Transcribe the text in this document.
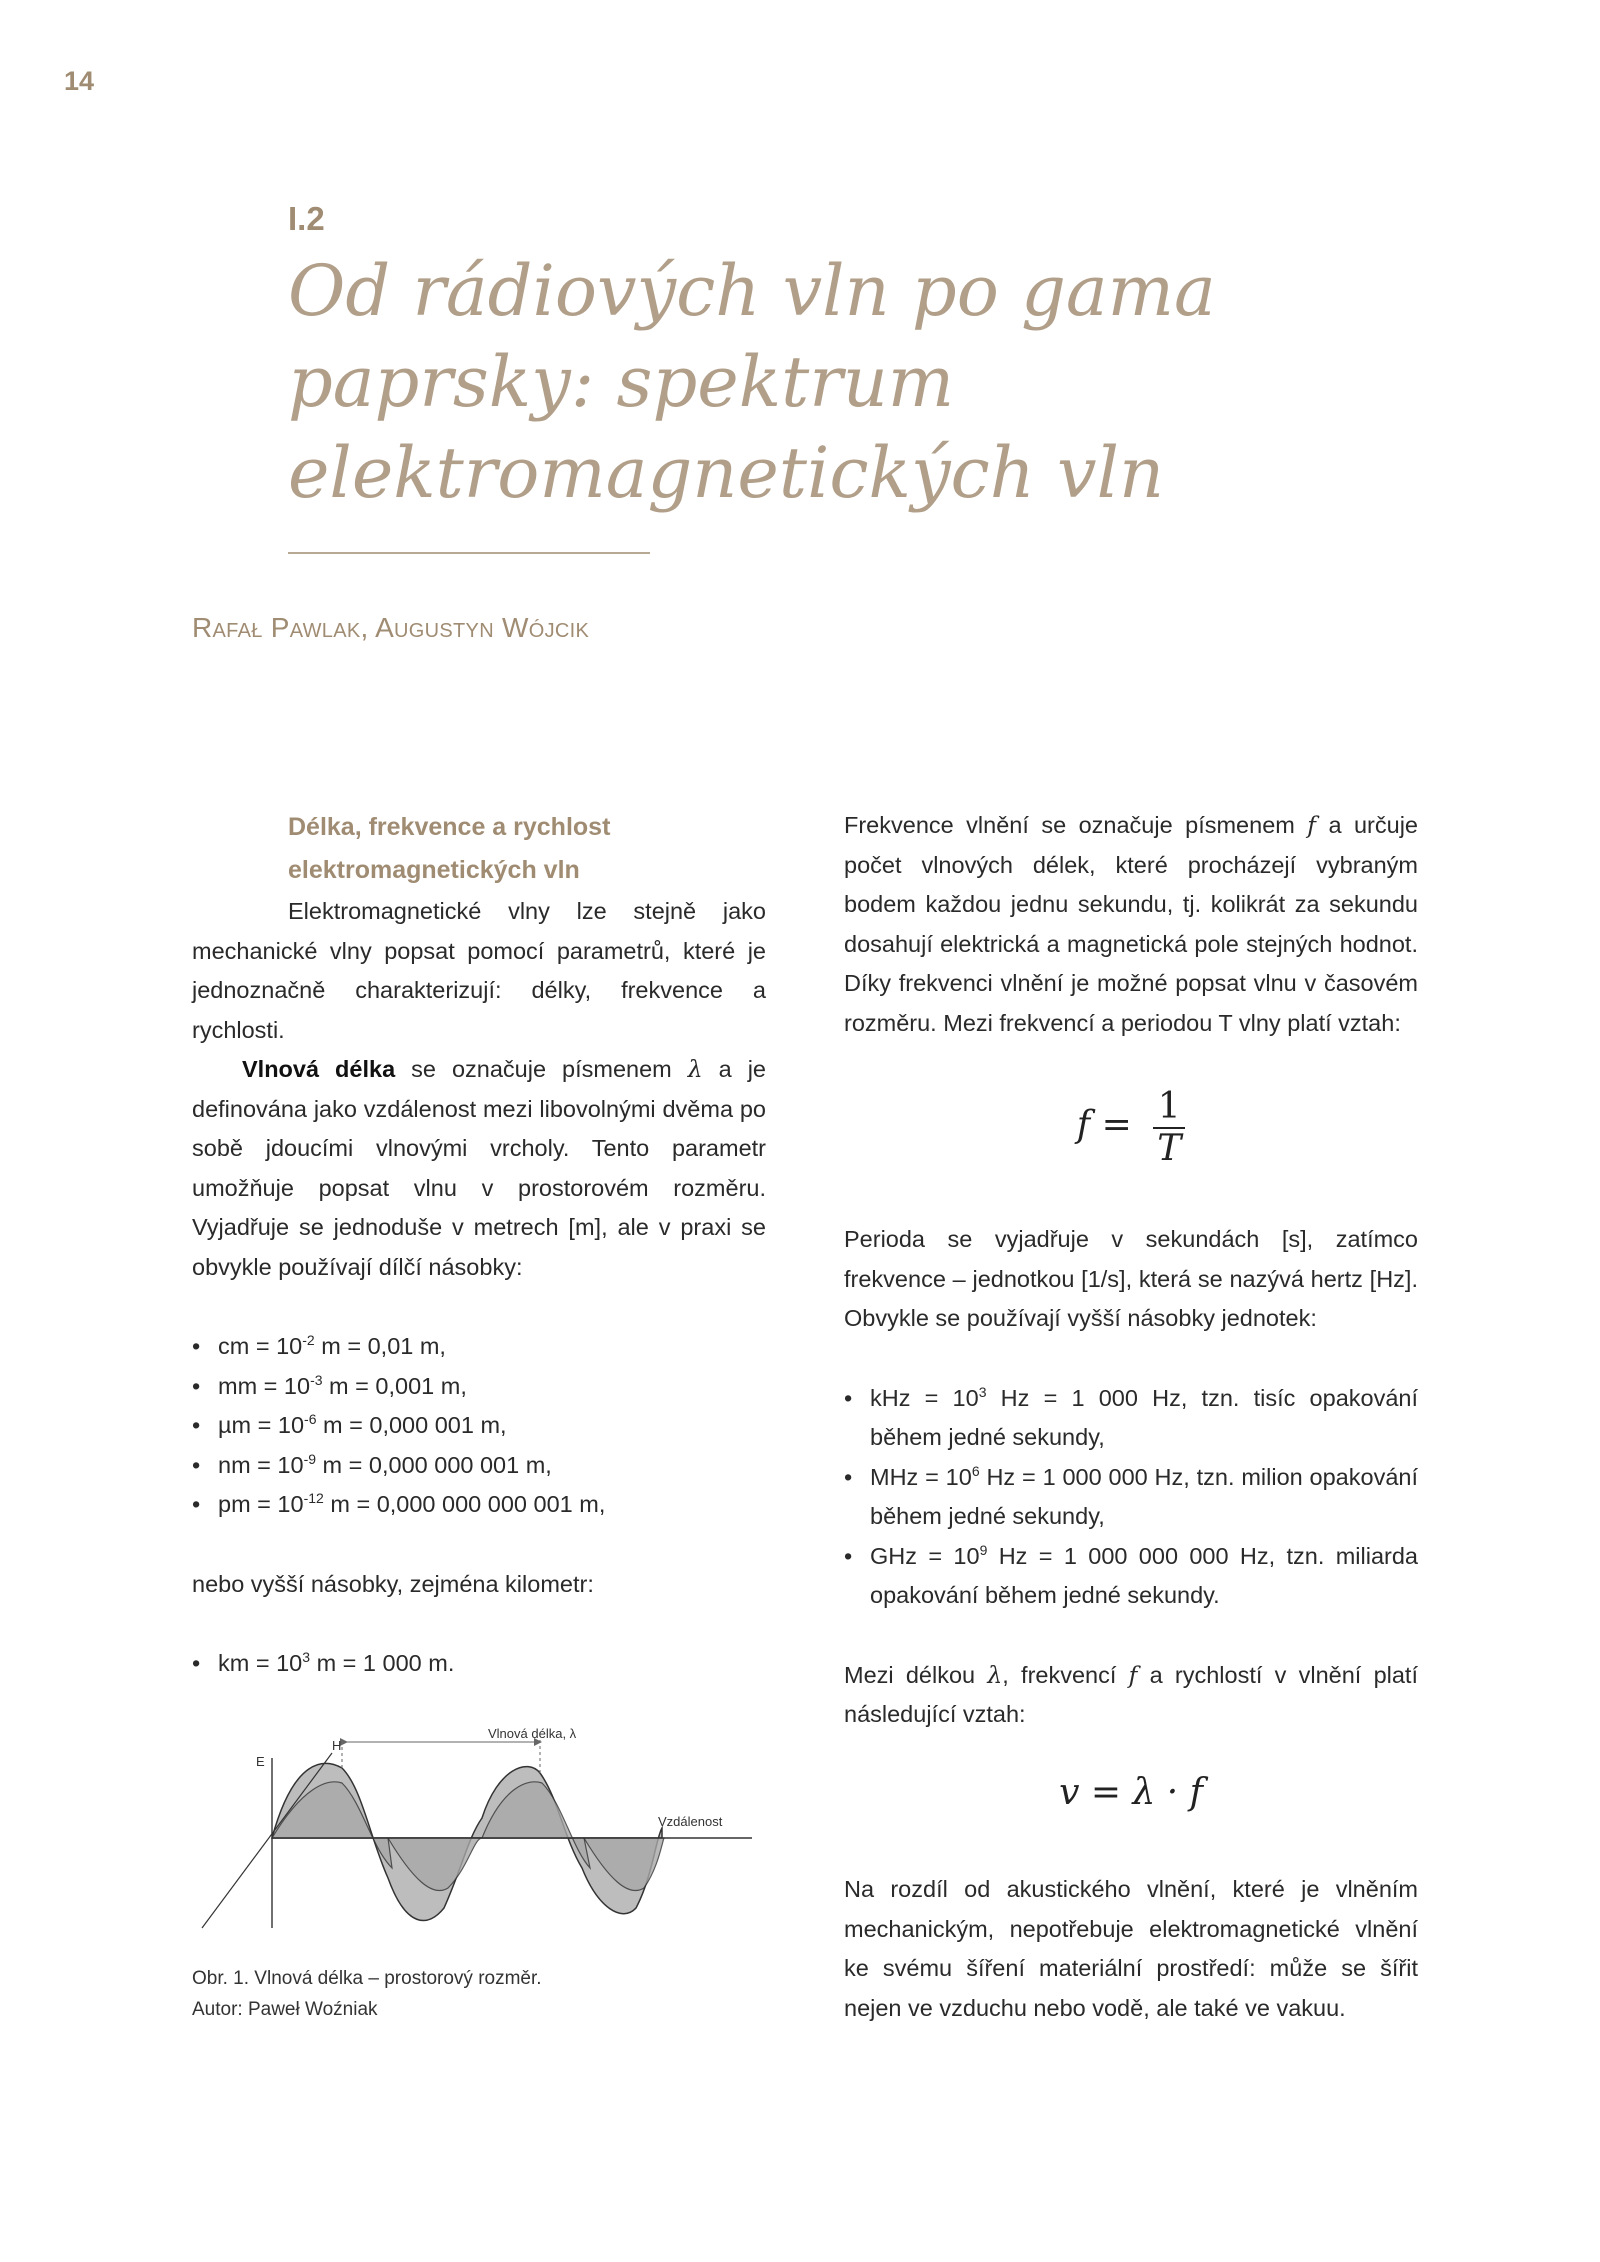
14
I.2
Od rádiových vln po gama
paprsky: spektrum
elektromagnetických vln
Rafał Pawlak, Augustyn Wójcik
Délka, frekvence a rychlost
elektromagnetických vln

Elektromagnetické vlny lze stejně jako mechanické vlny popsat pomocí parametrů, které je jednoznačně charakterizují: délky, frekvence a rychlosti.

Vlnová délka se označuje písmenem λ a je definována jako vzdálenost mezi libovolnými dvěma po sobě jdoucími vlnovými vrcholy. Tento parametr umožňuje popsat vlnu v prostorovém rozměru. Vyjadřuje se jednoduše v metrech [m], ale v praxi se obvykle používají dílčí násobky:

• cm = $10^{-2}$ m = 0,01 m,
• mm = $10^{-3}$ m = 0,001 m,
• $\mu m = 10^{-6}$ m = 0,000 001 m,
• nm = $10^{-9}$ m = 0,000 000 001 m,
• pm = $10^{-12}$ m = 0,000 000 000 001 m,

nebo vyšší násobky, zejména kilometr:

• km = $10^3$ m = 1 000 m.
E
H
Vlnová délka, λ
Vzdálenost
Obr. 1. Vlnová délka – prostorový rozměr.
Autor: Paweł Woźniak

Frekvence vlnění se označuje písmenem f a určuje počet vlnových délek, které procházejí vybraným bodem každou jednu sekundu, tj. kolikrát za sekundu dosahují elektrická a magnetická pole stejných hodnot. Díky frekvenci vlnění je možné popsat vlnu v časovém rozměru. Mezi frekvencí a periodou T vlny platí vztah:

$f = \frac{1}{T}$

Perioda se vyjadřuje v sekundách [s], zatímco frekvence – jednotkou [1/s], která se nazývá hertz [Hz]. Obvykle se používají vyšší násobky jednotek:

• kHz = $10^3$ Hz = 1 000 Hz, tzn. tisíc opakování během jedné sekundy,
• MHz = $10^6$ Hz = 1 000 000 Hz, tzn. milion opakování během jedné sekundy,
• GHz = $10^9$ Hz = 1 000 000 000 Hz, tzn. miliarda opakování během jedné sekundy.

Mezi délkou λ, frekvencí f a rychlostí v vlnění platí následující vztah:

v = λ · f

Na rozdíl od akustického vlnění, které je vlněním mechanickým, nepotřebuje elektromagnetické vlnění ke svému šíření materiální prostředí: může se šířit nejen ve vzduchu nebo vodě, ale také ve vakuu.
